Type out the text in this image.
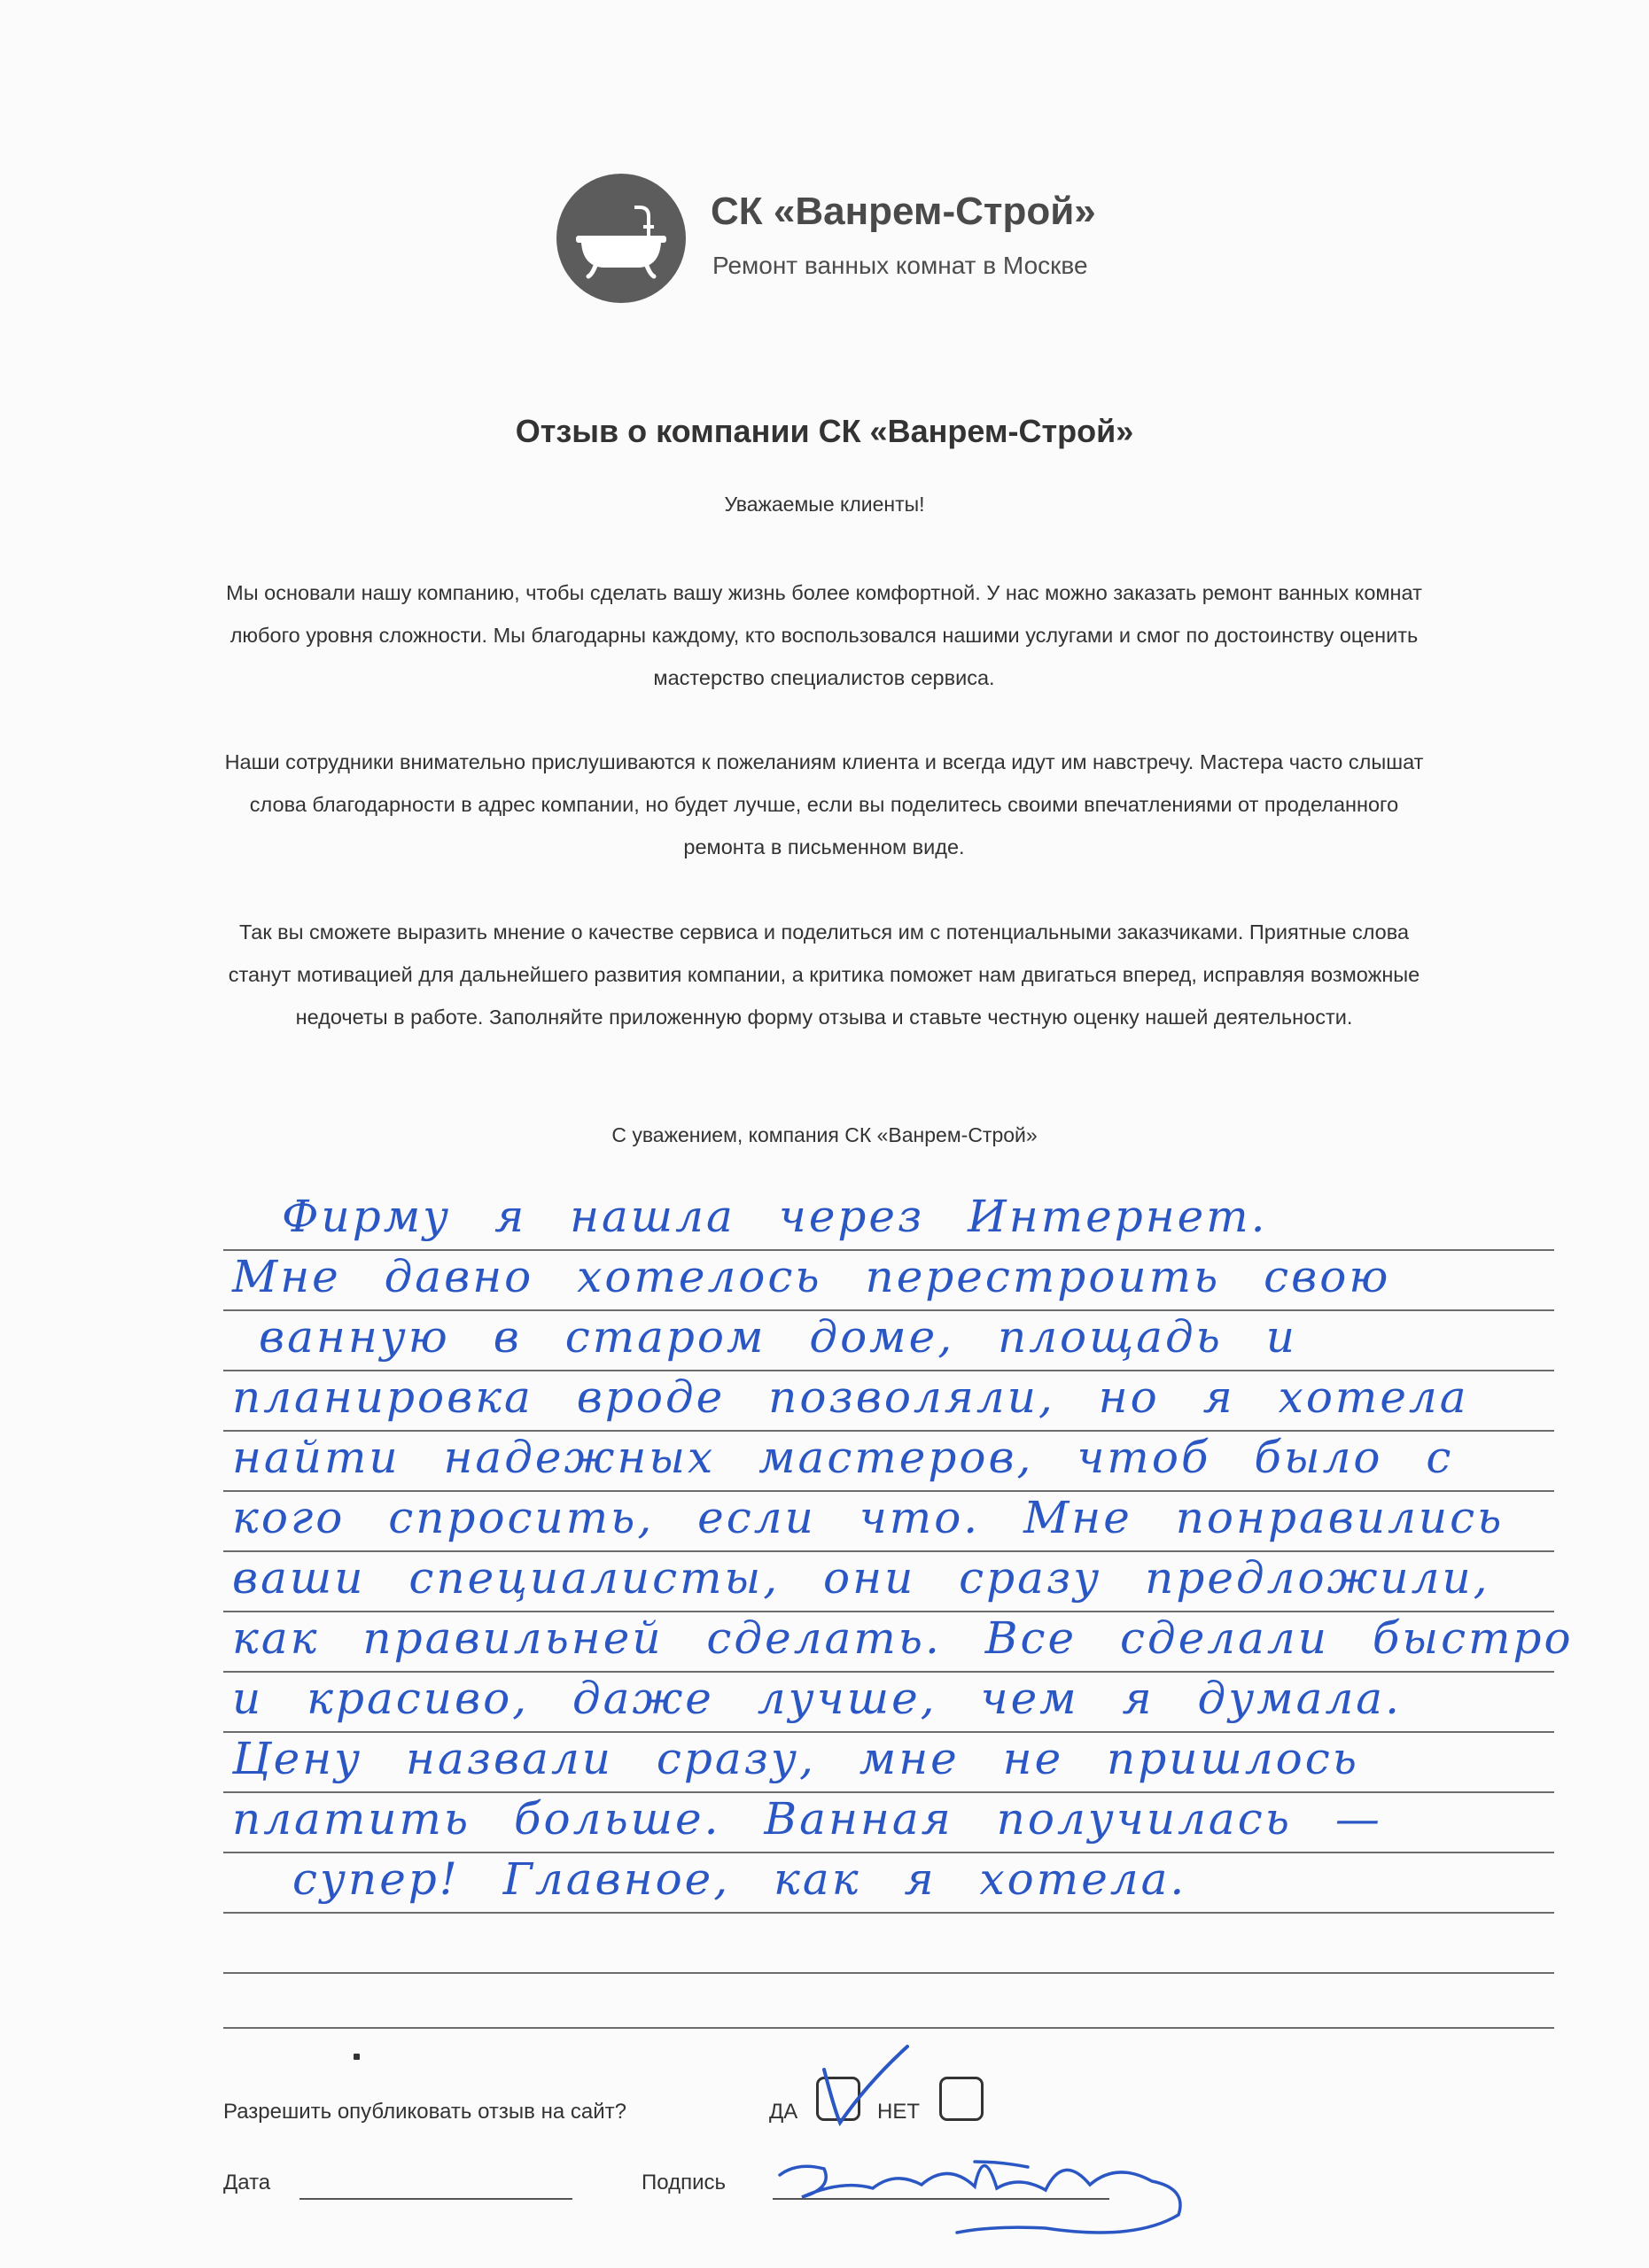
СК «Ванрем-Строй»
Ремонт ванных комнат в Москве
Отзыв о компании СК «Ванрем-Строй»
Уважаемые клиенты!
Мы основали нашу компанию, чтобы сделать вашу жизнь более комфортной. У нас можно заказать ремонт ванных комнат любого уровня сложности. Мы благодарны каждому, кто воспользовался нашими услугами и смог по достоинству оценить мастерство специалистов сервиса.
Наши сотрудники внимательно прислушиваются к пожеланиям клиента и всегда идут им навстречу. Мастера часто слышат слова благодарности в адрес компании, но будет лучше, если вы поделитесь своими впечатлениями от проделанного ремонта в письменном виде.
Так вы сможете выразить мнение о качестве сервиса и поделиться им с потенциальными заказчиками. Приятные слова станут мотивацией для дальнейшего развития компании, а критика поможет нам двигаться вперед, исправляя возможные недочеты в работе. Заполняйте приложенную форму отзыва и ставьте честную оценку нашей деятельности.
С уважением, компания СК «Ванрем-Строй»
Фирму я нашла через Интернет.
Мне давно хотелось перестроить свою
ванную в старом доме, площадь и
планировка вроде позволяли, но я хотела
найти надежных мастеров, чтоб было с
кого спросить, если что. Мне понравились
ваши специалисты, они сразу предложили,
как правильней сделать. Все сделали быстро
и красиво, даже лучше, чем я думала.
Цену назвали сразу, мне не пришлось
платить больше. Ванная получилась —
супер! Главное, как я хотела.
Разрешить опубликовать отзыв на сайт?	ДА	НЕТ
Дата	Подпись
